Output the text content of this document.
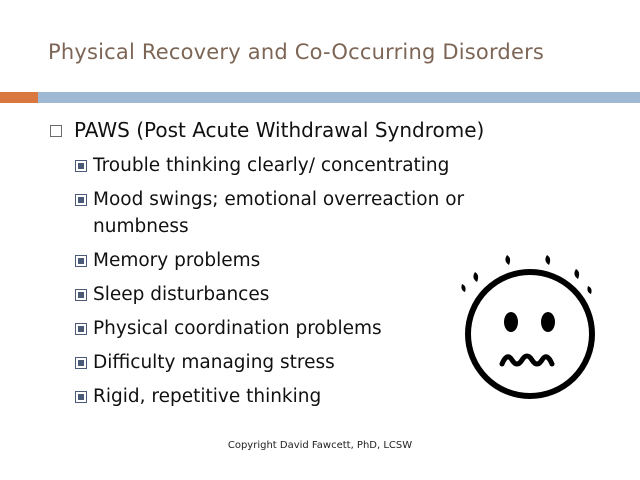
Physical Recovery and Co-Occurring Disorders
PAWS (Post Acute Withdrawal Syndrome)
Trouble thinking clearly/ concentrating
Mood swings; emotional overreaction or numbness
Memory problems
Sleep disturbances
Physical coordination problems
Difficulty managing stress
Rigid, repetitive thinking
Copyright David Fawcett, PhD, LCSW
